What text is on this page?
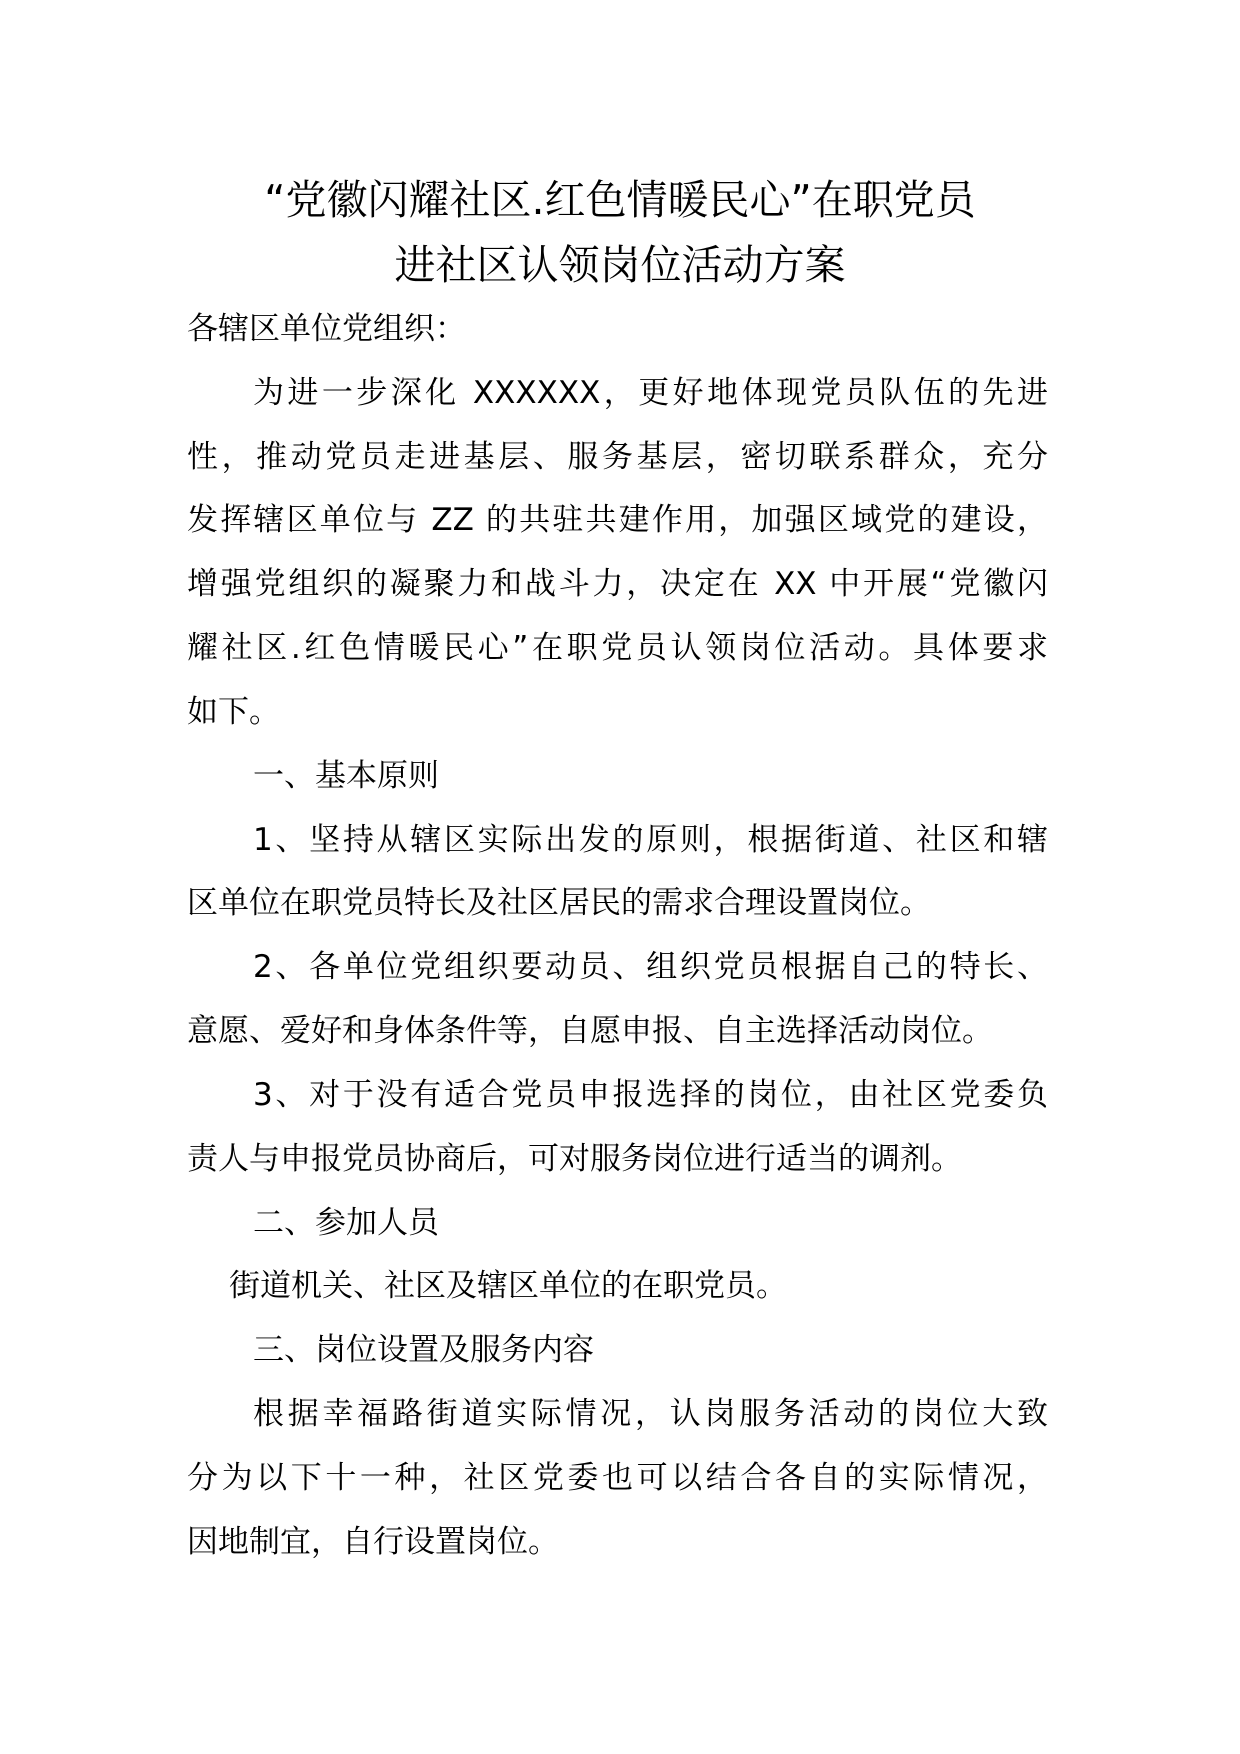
“党徽闪耀社区.红色情暖民心”在职党员
进社区认领岗位活动方案
各辖区单位党组织：
为进一步深化 XXXXXX，更好地体现党员队伍的先进
性，推动党员走进基层、服务基层，密切联系群众，充分
发挥辖区单位与 ZZ 的共驻共建作用，加强区域党的建设，
增强党组织的凝聚力和战斗力，决定在 XX 中开展“党徽闪
耀社区.红色情暖民心”在职党员认领岗位活动。具体要求
如下。
一、基本原则
1、坚持从辖区实际出发的原则，根据街道、社区和辖
区单位在职党员特长及社区居民的需求合理设置岗位。
2、各单位党组织要动员、组织党员根据自己的特长、
意愿、爱好和身体条件等，自愿申报、自主选择活动岗位。
3、对于没有适合党员申报选择的岗位，由社区党委负
责人与申报党员协商后，可对服务岗位进行适当的调剂。
二、参加人员
街道机关、社区及辖区单位的在职党员。
三、岗位设置及服务内容
根据幸福路街道实际情况，认岗服务活动的岗位大致
分为以下十一种，社区党委也可以结合各自的实际情况，
因地制宜，自行设置岗位。
